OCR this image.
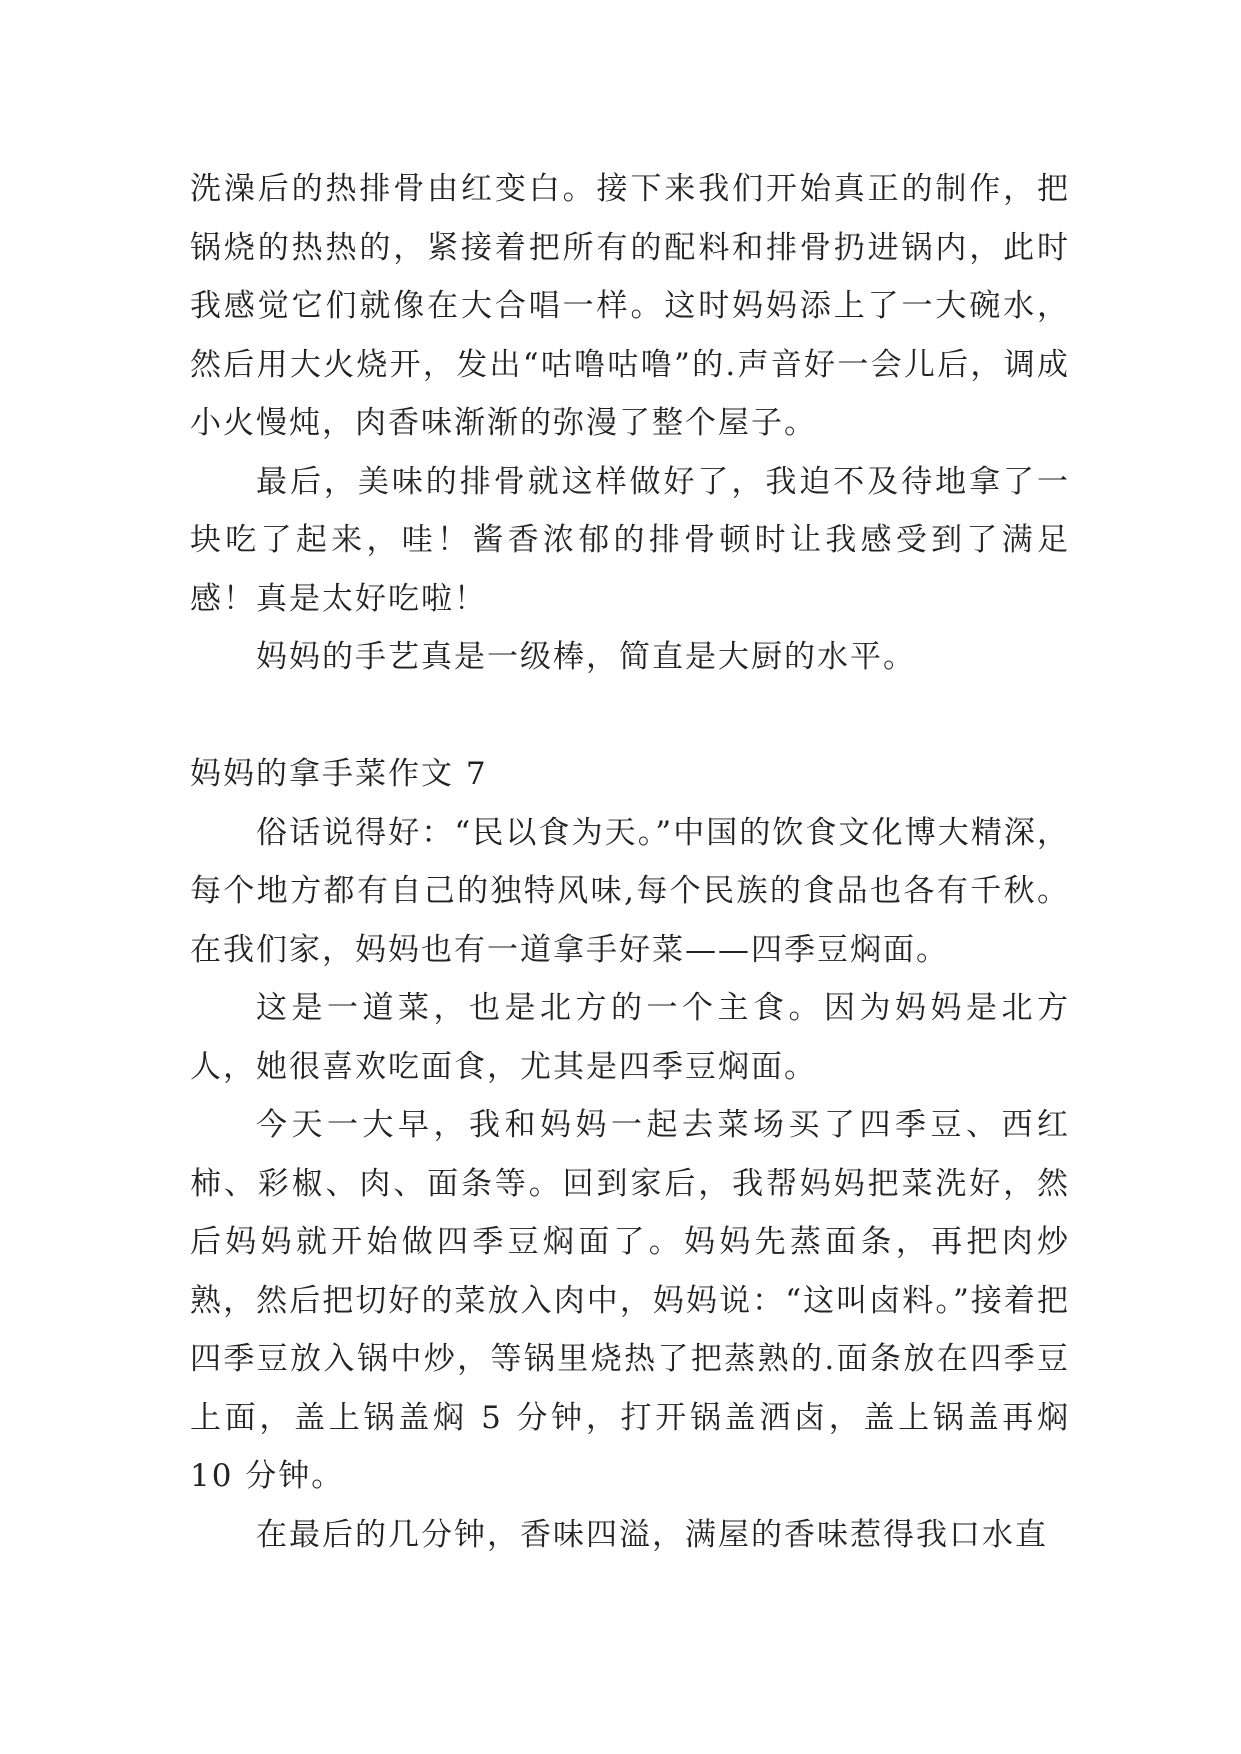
洗澡后的热排骨由红变白。接下来我们开始真正的制作，把锅烧的热热的，紧接着把所有的配料和排骨扔进锅内，此时我感觉它们就像在大合唱一样。这时妈妈添上了一大碗水，然后用大火烧开，发出“咕噜咕噜”的.声音好一会儿后，调成小火慢炖，肉香味渐渐的弥漫了整个屋子。

最后，美味的排骨就这样做好了，我迫不及待地拿了一块吃了起来，哇！酱香浓郁的排骨顿时让我感受到了满足感！真是太好吃啦！

妈妈的手艺真是一级棒，简直是大厨的水平。

妈妈的拿手菜作文 7

俗话说得好：“民以食为天。”中国的饮食文化博大精深，每个地方都有自己的独特风味,每个民族的食品也各有千秋。在我们家，妈妈也有一道拿手好菜——四季豆焖面。

这是一道菜，也是北方的一个主食。因为妈妈是北方人，她很喜欢吃面食，尤其是四季豆焖面。

今天一大早，我和妈妈一起去菜场买了四季豆、西红柿、彩椒、肉、面条等。回到家后，我帮妈妈把菜洗好，然后妈妈就开始做四季豆焖面了。妈妈先蒸面条，再把肉炒熟，然后把切好的菜放入肉中，妈妈说：“这叫卤料。”接着把四季豆放入锅中炒，等锅里烧热了把蒸熟的.面条放在四季豆上面，盖上锅盖焖 5 分钟，打开锅盖洒卤，盖上锅盖再焖 10 分钟。

在最后的几分钟，香味四溢，满屋的香味惹得我口水直
